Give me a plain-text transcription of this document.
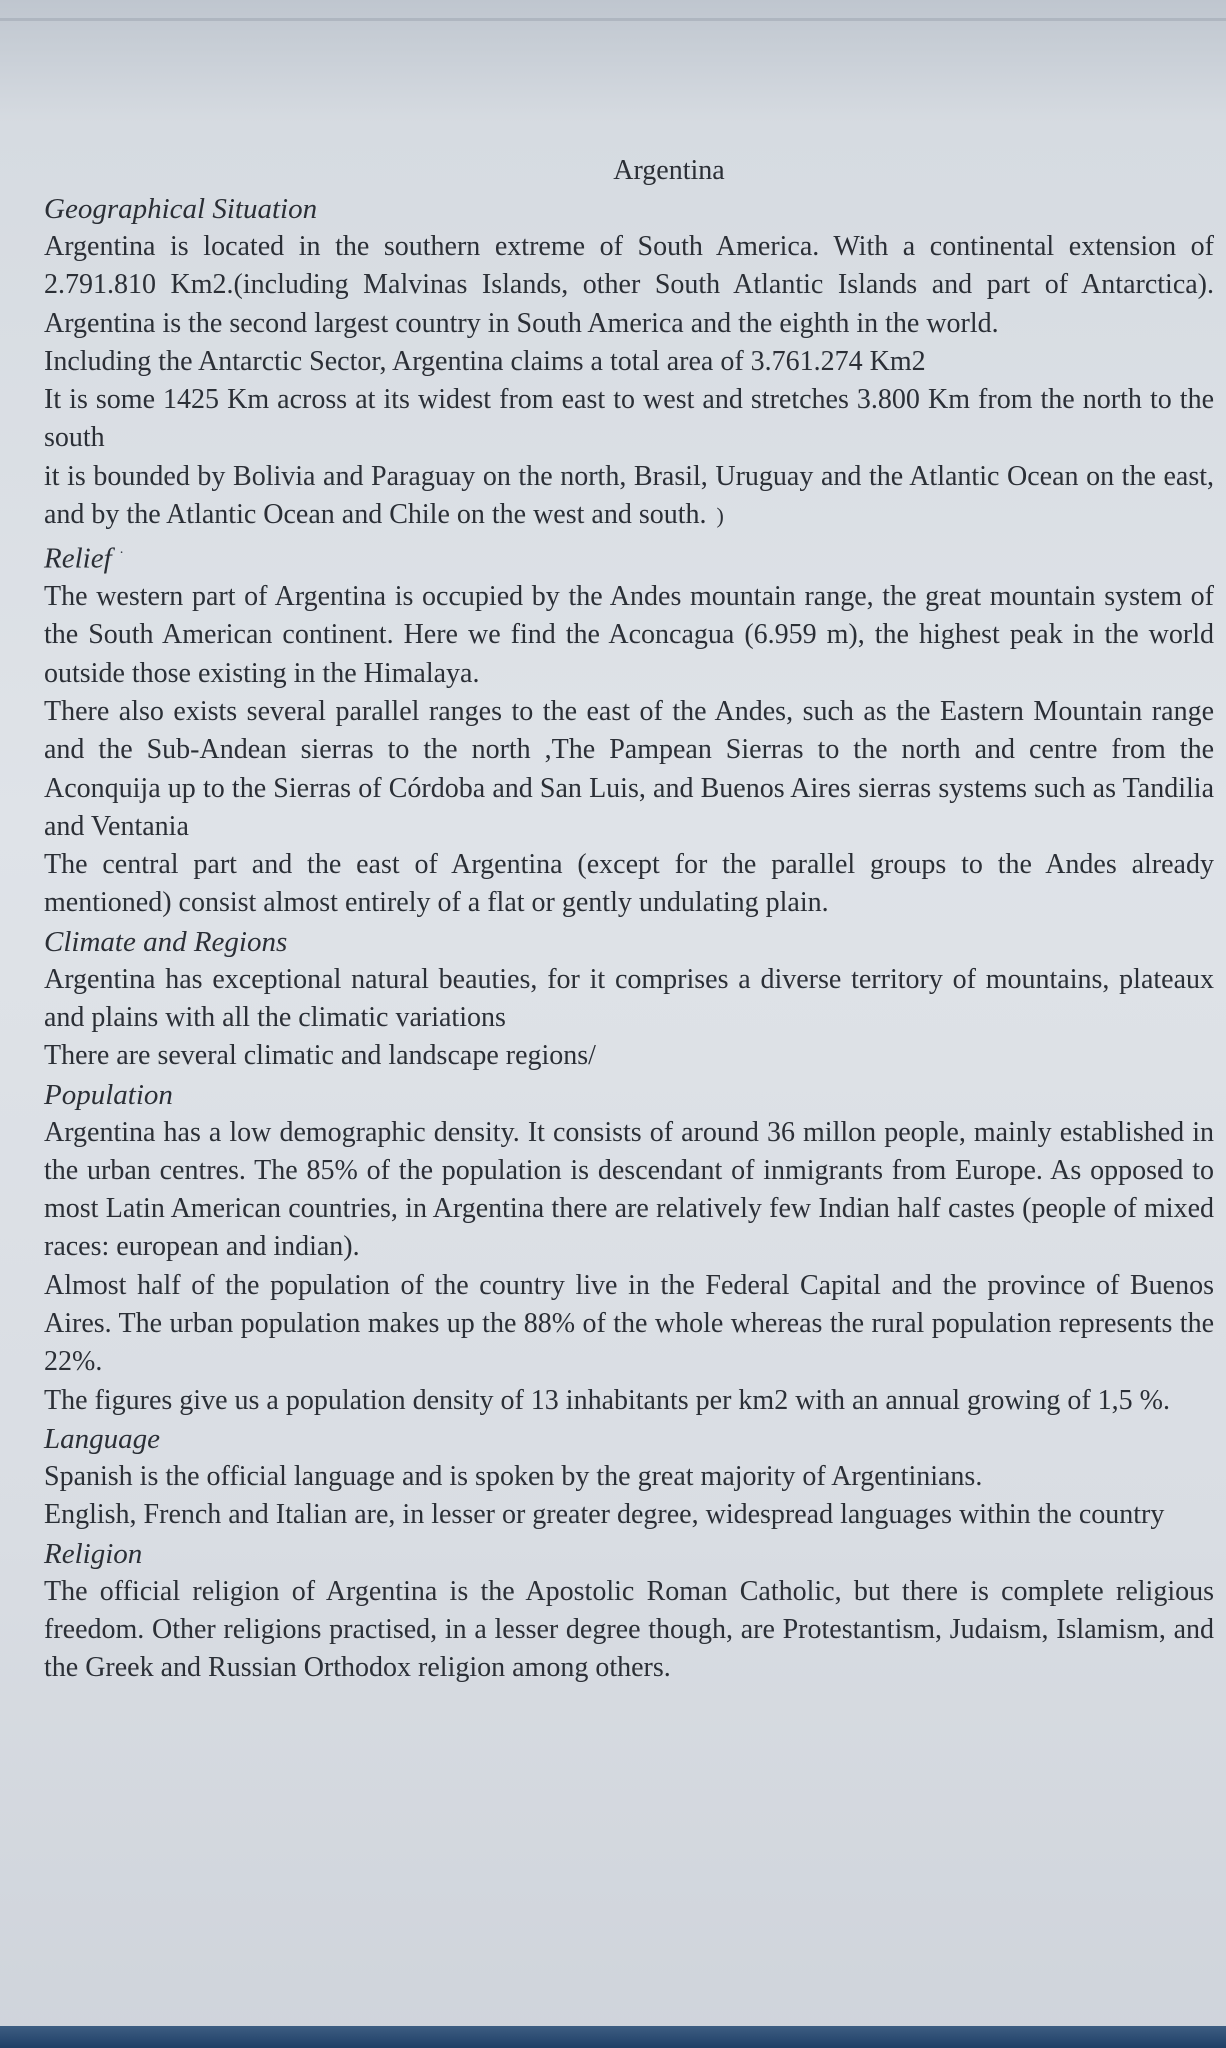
Argentina
Geographical Situation

Argentina is located in the southern extreme of South America. With a continental extension of 2.791.810 Km2.(including Malvinas Islands, other South Atlantic Islands and part of Antarctica). Argentina is the second largest country in South America and the eighth in the world.

Including the Antarctic Sector, Argentina claims a total area of 3.761.274 Km2

It is some 1425 Km across at its widest from east to west and stretches 3.800 Km from the north to the south

it is bounded by Bolivia and Paraguay on the north, Brasil, Uruguay and the Atlantic Ocean on the east, and by the Atlantic Ocean and Chile on the west and south. )

Relief ·

The western part of Argentina is occupied by the Andes mountain range, the great mountain system of the South American continent. Here we find the Aconcagua (6.959 m), the highest peak in the world outside those existing in the Himalaya.

There also exists several parallel ranges to the east of the Andes, such as the Eastern Mountain range and the Sub-Andean sierras to the north ,The Pampean Sierras to the north and centre from the Aconquija up to the Sierras of Córdoba and San Luis, and Buenos Aires sierras systems such as Tandilia and Ventania

The central part and the east of Argentina (except for the parallel groups to the Andes already mentioned) consist almost entirely of a flat or gently undulating plain.

Climate and Regions

Argentina has exceptional natural beauties, for it comprises a diverse territory of mountains, plateaux and plains with all the climatic variations

There are several climatic and landscape regions/

Population

Argentina has a low demographic density. It consists of around 36 millon people, mainly established in the urban centres. The 85% of the population is descendant of inmigrants from Europe. As opposed to most Latin American countries, in Argentina there are relatively few Indian half castes (people of mixed races: european and indian).

Almost half of the population of the country live in the Federal Capital and the province of Buenos Aires. The urban population makes up the 88% of the whole whereas the rural population represents the 22%.

The figures give us a population density of 13 inhabitants per km2 with an annual growing of 1,5 %.

Language

Spanish is the official language and is spoken by the great majority of Argentinians.

English, French and Italian are, in lesser or greater degree, widespread languages within the country

Religion

The official religion of Argentina is the Apostolic Roman Catholic, but there is complete religious freedom. Other religions practised, in a lesser degree though, are Protestantism, Judaism, Islamism, and the Greek and Russian Orthodox religion among others.
